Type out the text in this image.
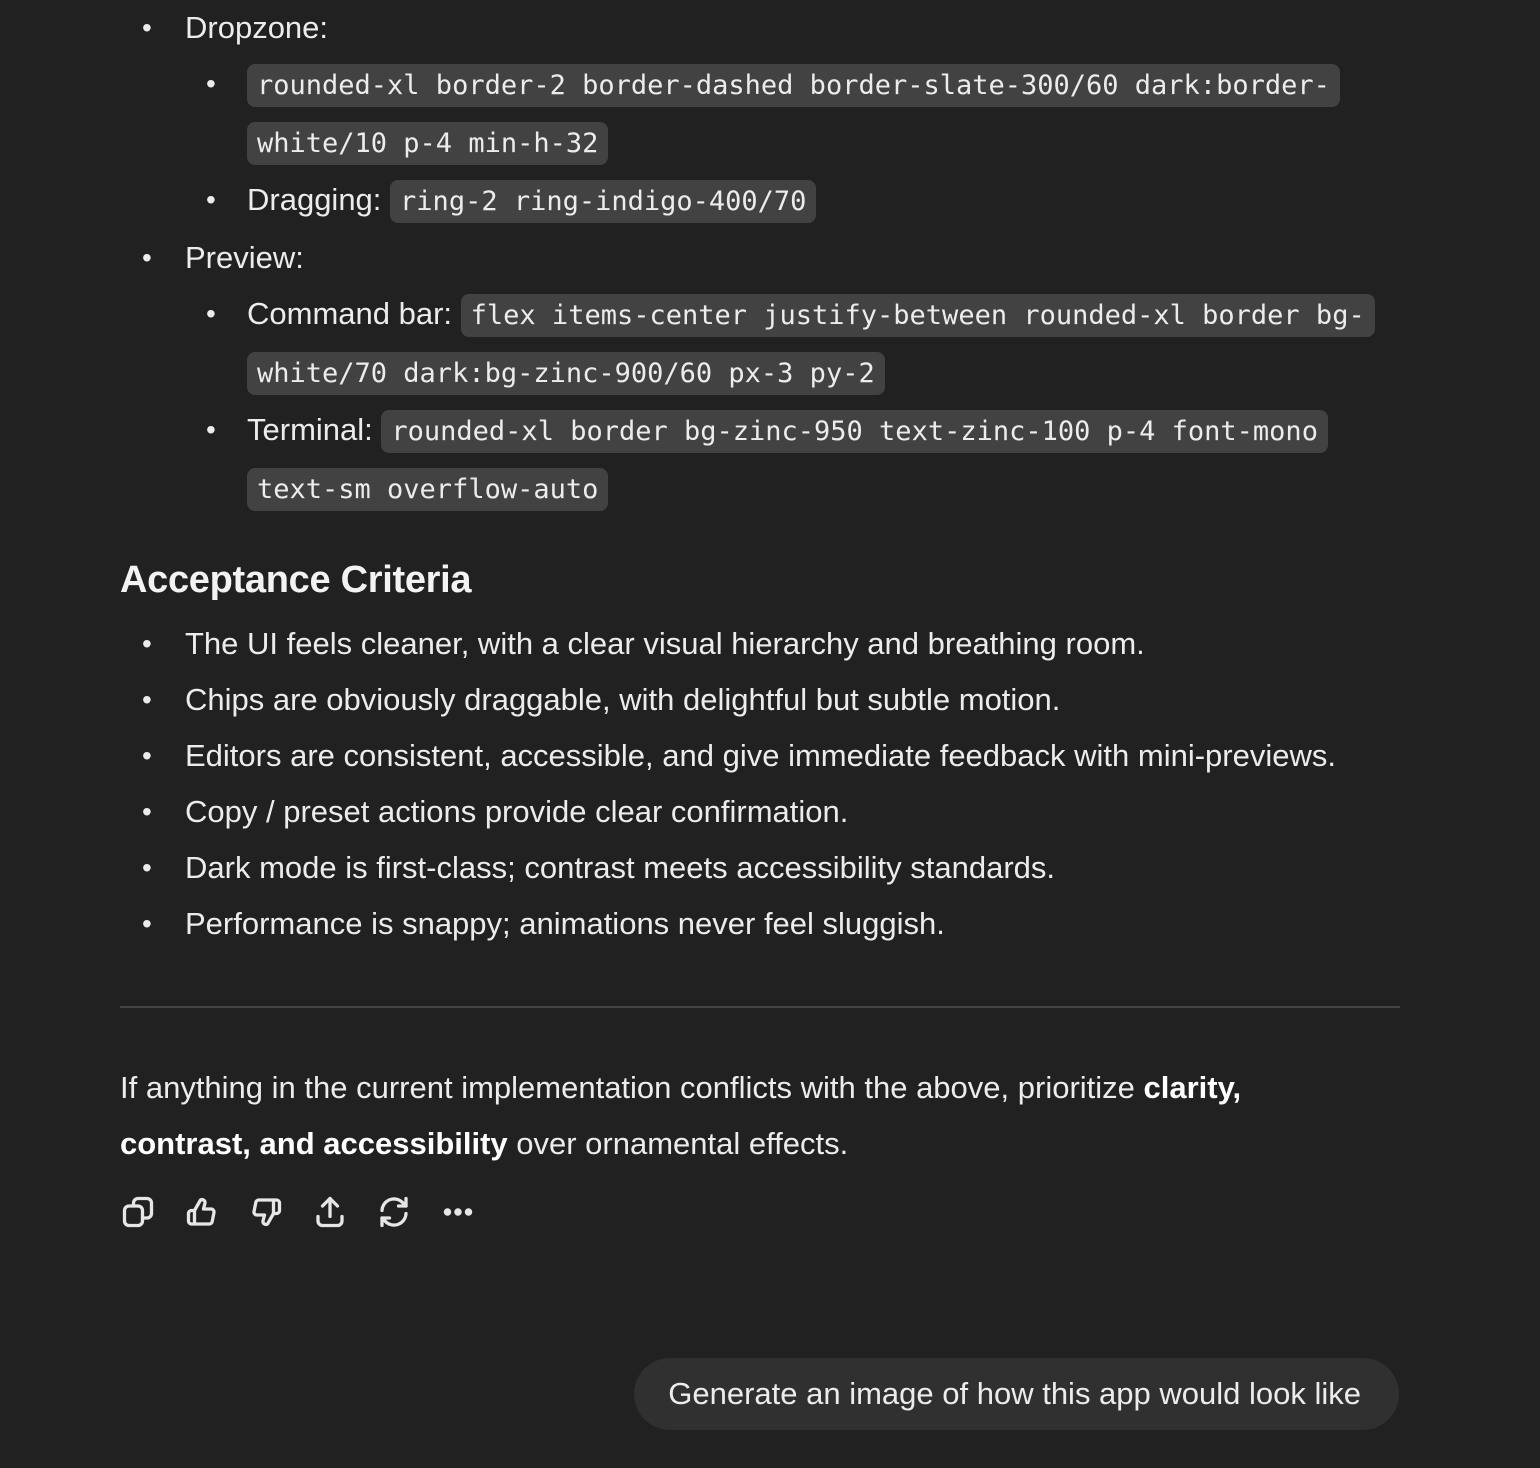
• Dropzone:
• rounded-xl border-2 border-dashed border-slate-300/60 dark:border-white/10 p-4 min-h-32
• Dragging: ring-2 ring-indigo-400/70
• Preview:
• Command bar: flex items-center justify-between rounded-xl border bg-white/70 dark:bg-zinc-900/60 px-3 py-2
• Terminal: rounded-xl border bg-zinc-950 text-zinc-100 p-4 font-mono text-sm overflow-auto
Acceptance Criteria
• The UI feels cleaner, with a clear visual hierarchy and breathing room.
• Chips are obviously draggable, with delightful but subtle motion.
• Editors are consistent, accessible, and give immediate feedback with mini-previews.
• Copy / preset actions provide clear confirmation.
• Dark mode is first-class; contrast meets accessibility standards.
• Performance is snappy; animations never feel sluggish.

If anything in the current implementation conflicts with the above, prioritize clarity, contrast, and accessibility over ornamental effects.

Generate an image of how this app would look like
